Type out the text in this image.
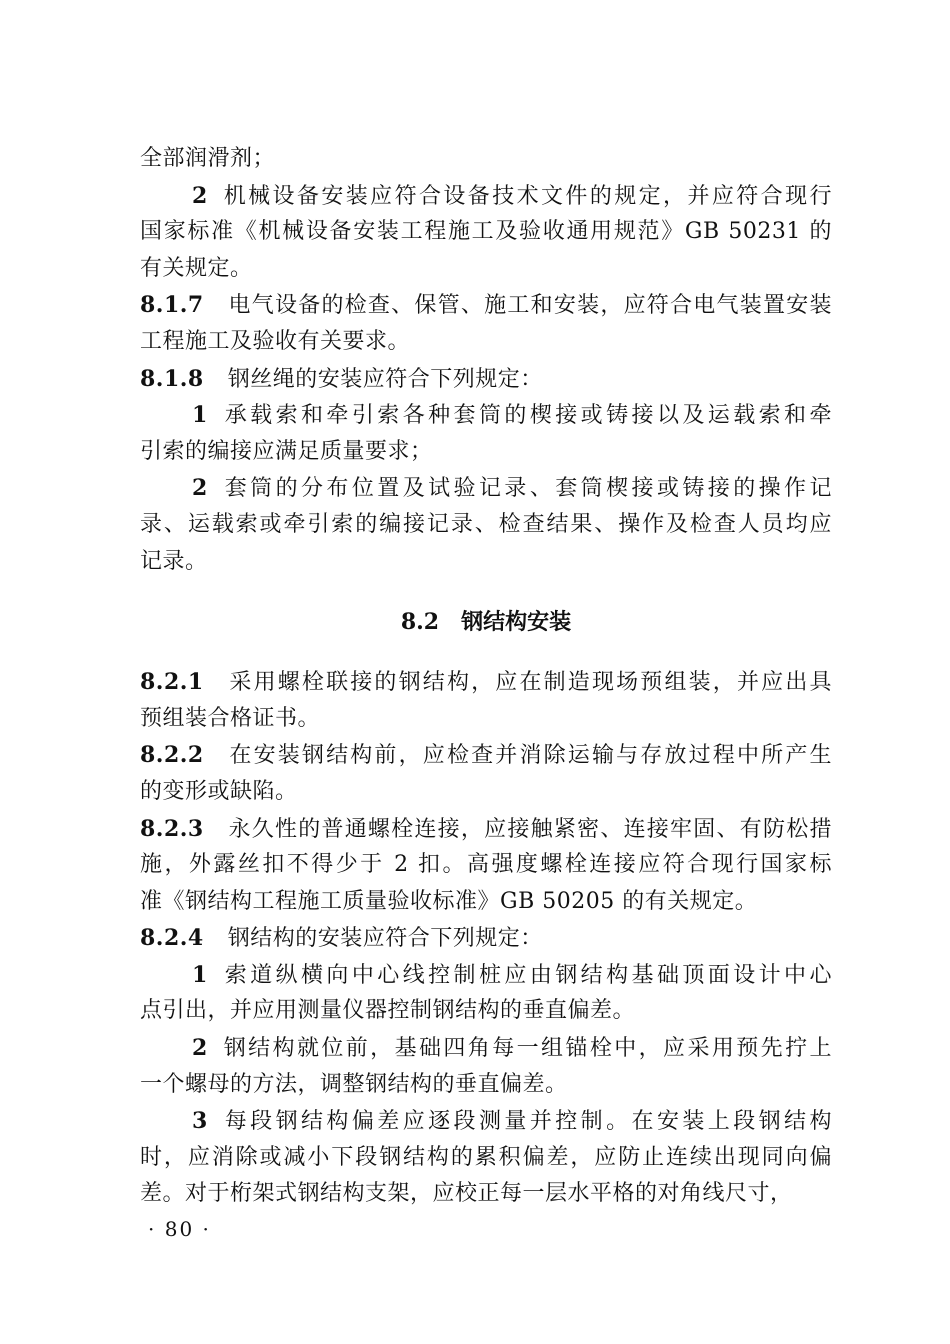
全部润滑剂；
2 机械设备安装应符合设备技术文件的规定，并应符合现行
国家标准《机械设备安装工程施工及验收通用规范》GB 50231 的
有关规定。
8.1.7 电气设备的检查、保管、施工和安装，应符合电气装置安装
工程施工及验收有关要求。
8.1.8 钢丝绳的安装应符合下列规定：
1 承载索和牵引索各种套筒的楔接或铸接以及运载索和牵
引索的编接应满足质量要求；
2 套筒的分布位置及试验记录、套筒楔接或铸接的操作记
录、运载索或牵引索的编接记录、检查结果、操作及检查人员均应
记录。
8.2 钢结构安装
8.2.1 采用螺栓联接的钢结构，应在制造现场预组装，并应出具
预组装合格证书。
8.2.2 在安装钢结构前，应检查并消除运输与存放过程中所产生
的变形或缺陷。
8.2.3 永久性的普通螺栓连接，应接触紧密、连接牢固、有防松措
施，外露丝扣不得少于 2 扣。高强度螺栓连接应符合现行国家标
准《钢结构工程施工质量验收标准》GB 50205 的有关规定。
8.2.4 钢结构的安装应符合下列规定：
1 索道纵横向中心线控制桩应由钢结构基础顶面设计中心
点引出，并应用测量仪器控制钢结构的垂直偏差。
2 钢结构就位前，基础四角每一组锚栓中，应采用预先拧上
一个螺母的方法，调整钢结构的垂直偏差。
3 每段钢结构偏差应逐段测量并控制。在安装上段钢结构
时，应消除或减小下段钢结构的累积偏差，应防止连续出现同向偏
差。对于桁架式钢结构支架，应校正每一层水平格的对角线尺寸，
· 80 ·
